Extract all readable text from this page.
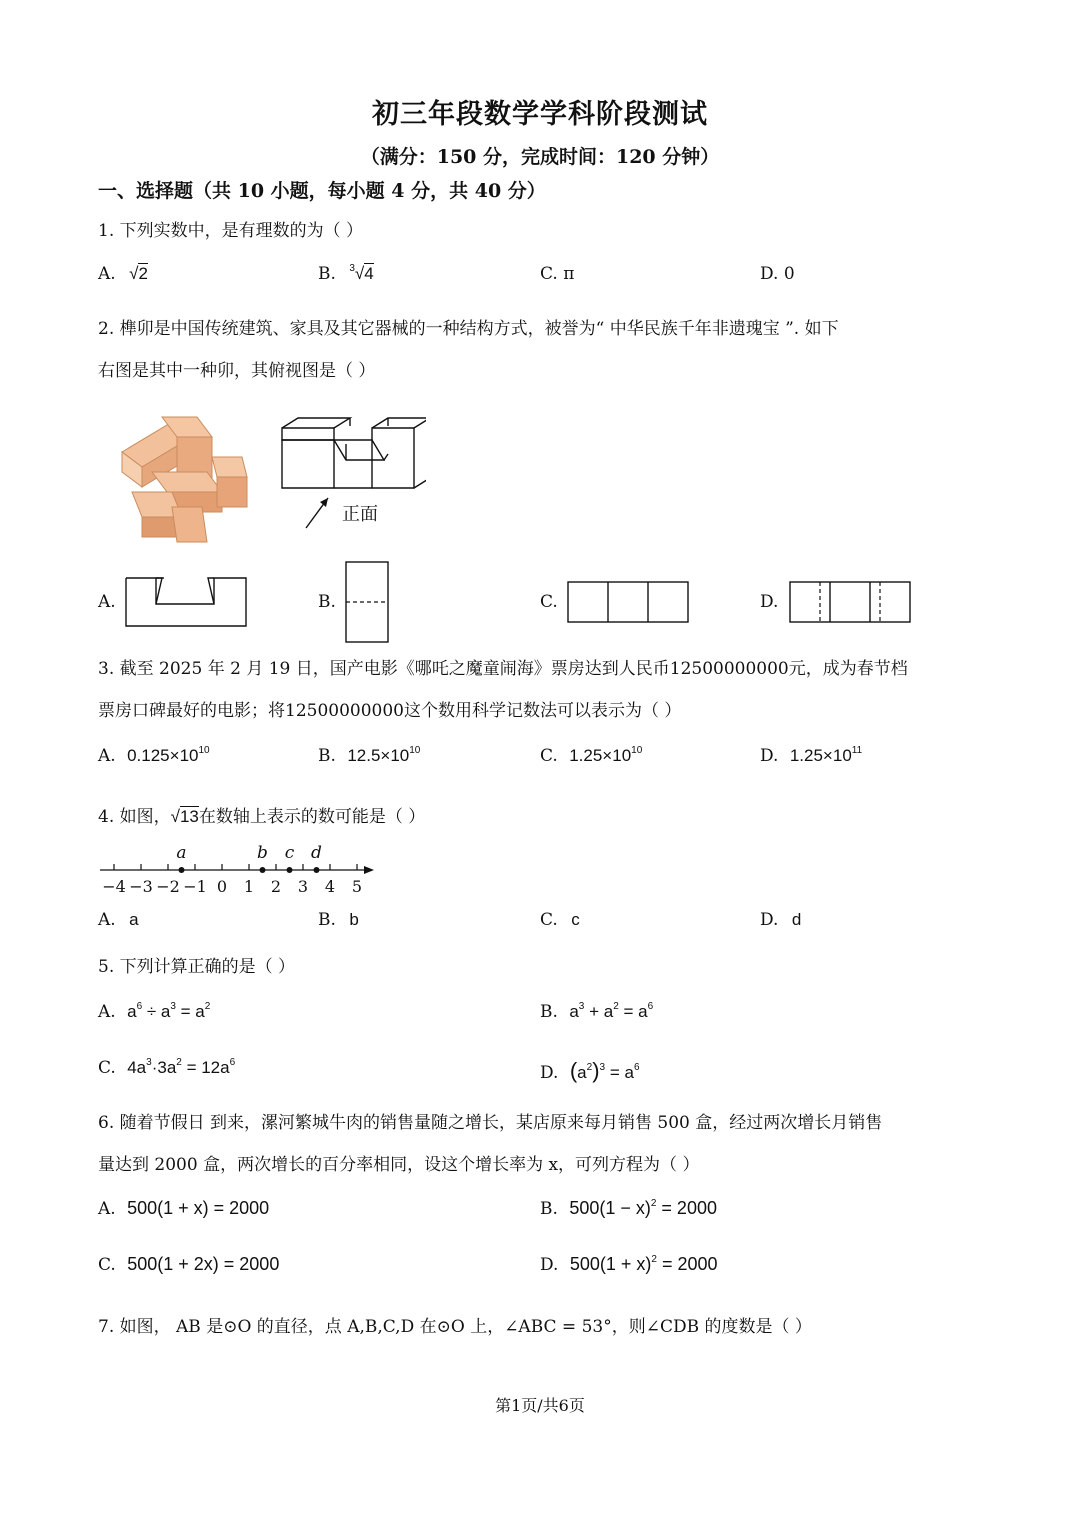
初三年段数学学科阶段测试
（满分：150 分，完成时间：120 分钟）
一、选择题（共 10 小题，每小题 4 分，共 40 分）
1. 下列实数中，是有理数的为（ ）
A. √2	B. $^3$√4	C. π	D. 0
2. 榫卯是中国传统建筑、家具及其它器械的一种结构方式，被誉为“ 中华民族千年非遗瑰宝 ”. 如下
右图是其中一种卯，其俯视图是（ ）
正面
A.	B.	C.	D.
3. 截至 2025 年 2 月 19 日，国产电影《哪吒之魔童闹海》票房达到人民币12500000000元，成为春节档
票房口碑最好的电影；将12500000000这个数用科学记数法可以表示为（ ）
A. $0.125\times 10^{10}$	B. $12.5\times 10^{10}$	C. $1.25\times 10^{10}$	D. $1.25\times 10^{11}$
4. 如图，√13在数轴上表示的数可能是（ ）
−4 −3 −2 −1 0 1 2 3 4 5
a	b c d
A. a	B. b	C. c	D. d
5. 下列计算正确的是（ ）
A. $a^6 \div a^3 = a^2$	B. $a^3 + a^2 = a^6$
C. $4a^3\cdot 3a^2 = 12a^6$
D. $(a^2)^3 = a^6$
6. 随着节假日 到来，漯河繁城牛肉的销售量随之增长，某店原来每月销售 500 盒，经过两次增长月销售
量达到 2000 盒，两次增长的百分率相同，设这个增长率为 x，可列方程为（ ）
A. 500(1 + x) = 2000	B. $500(1 - x)^2 = 2000$
C. 500(1 + 2x) = 2000	D. $500(1 + x)^2 = 2000$
7. 如图， AB 是⊙O 的直径，点 A,B,C,D 在⊙O 上，∠ABC = 53°，则∠CDB 的度数是（ ）
第1页/共6页
